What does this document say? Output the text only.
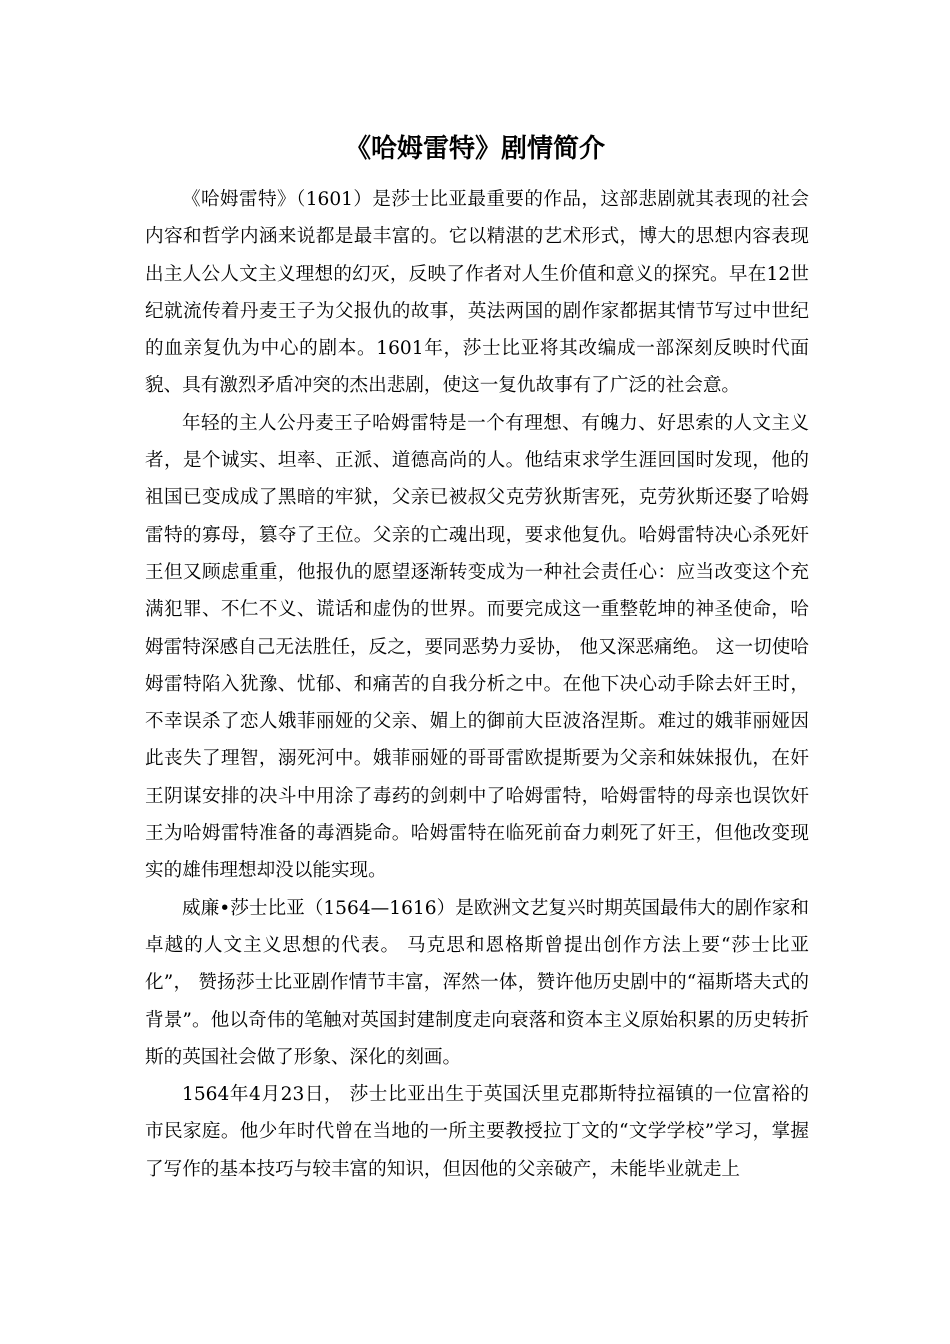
《哈姆雷特》剧情简介

《哈姆雷特》（1601）是莎士比亚最重要的作品，这部悲剧就其表现的社会内容和哲学内涵来说都是最丰富的。它以精湛的艺术形式，博大的思想内容表现出主人公人文主义理想的幻灭，反映了作者对人生价值和意义的探究。早在12世纪就流传着丹麦王子为父报仇的故事，英法两国的剧作家都据其情节写过中世纪的血亲复仇为中心的剧本。1601年，莎士比亚将其改编成一部深刻反映时代面貌、具有激烈矛盾冲突的杰出悲剧，使这一复仇故事有了广泛的社会意。

年轻的主人公丹麦王子哈姆雷特是一个有理想、有魄力、好思索的人文主义者，是个诚实、坦率、正派、道德高尚的人。他结束求学生涯回国时发现，他的祖国已变成成了黑暗的牢狱，父亲已被叔父克劳狄斯害死，克劳狄斯还娶了哈姆雷特的寡母，篡夺了王位。父亲的亡魂出现，要求他复仇。哈姆雷特决心杀死奸王但又顾虑重重，他报仇的愿望逐渐转变成为一种社会责任心：应当改变这个充满犯罪、不仁不义、谎话和虚伪的世界。而要完成这一重整乾坤的神圣使命，哈姆雷特深感自己无法胜任，反之，要同恶势力妥协， 他又深恶痛绝。 这一切使哈姆雷特陷入犹豫、忧郁、和痛苦的自我分析之中。在他下决心动手除去奸王时，不幸误杀了恋人娥菲丽娅的父亲、媚上的御前大臣波洛涅斯。难过的娥菲丽娅因此丧失了理智，溺死河中。娥菲丽娅的哥哥雷欧提斯要为父亲和妹妹报仇，在奸王阴谋安排的决斗中用涂了毒药的剑刺中了哈姆雷特，哈姆雷特的母亲也误饮奸王为哈姆雷特准备的毒酒毙命。哈姆雷特在临死前奋力刺死了奸王，但他改变现实的雄伟理想却没以能实现。

威廉•莎士比亚（1564—1616）是欧洲文艺复兴时期英国最伟大的剧作家和卓越的人文主义思想的代表。 马克思和恩格斯曾提出创作方法上要“莎士比亚化”， 赞扬莎士比亚剧作情节丰富，浑然一体，赞许他历史剧中的“福斯塔夫式的背景”。他以奇伟的笔触对英国封建制度走向衰落和资本主义原始积累的历史转折斯的英国社会做了形象、深化的刻画。

1564年4月23日， 莎士比亚出生于英国沃里克郡斯特拉福镇的一位富裕的市民家庭。他少年时代曾在当地的一所主要教授拉丁文的“文学学校”学习，掌握了写作的基本技巧与较丰富的知识，但因他的父亲破产，未能毕业就走上
